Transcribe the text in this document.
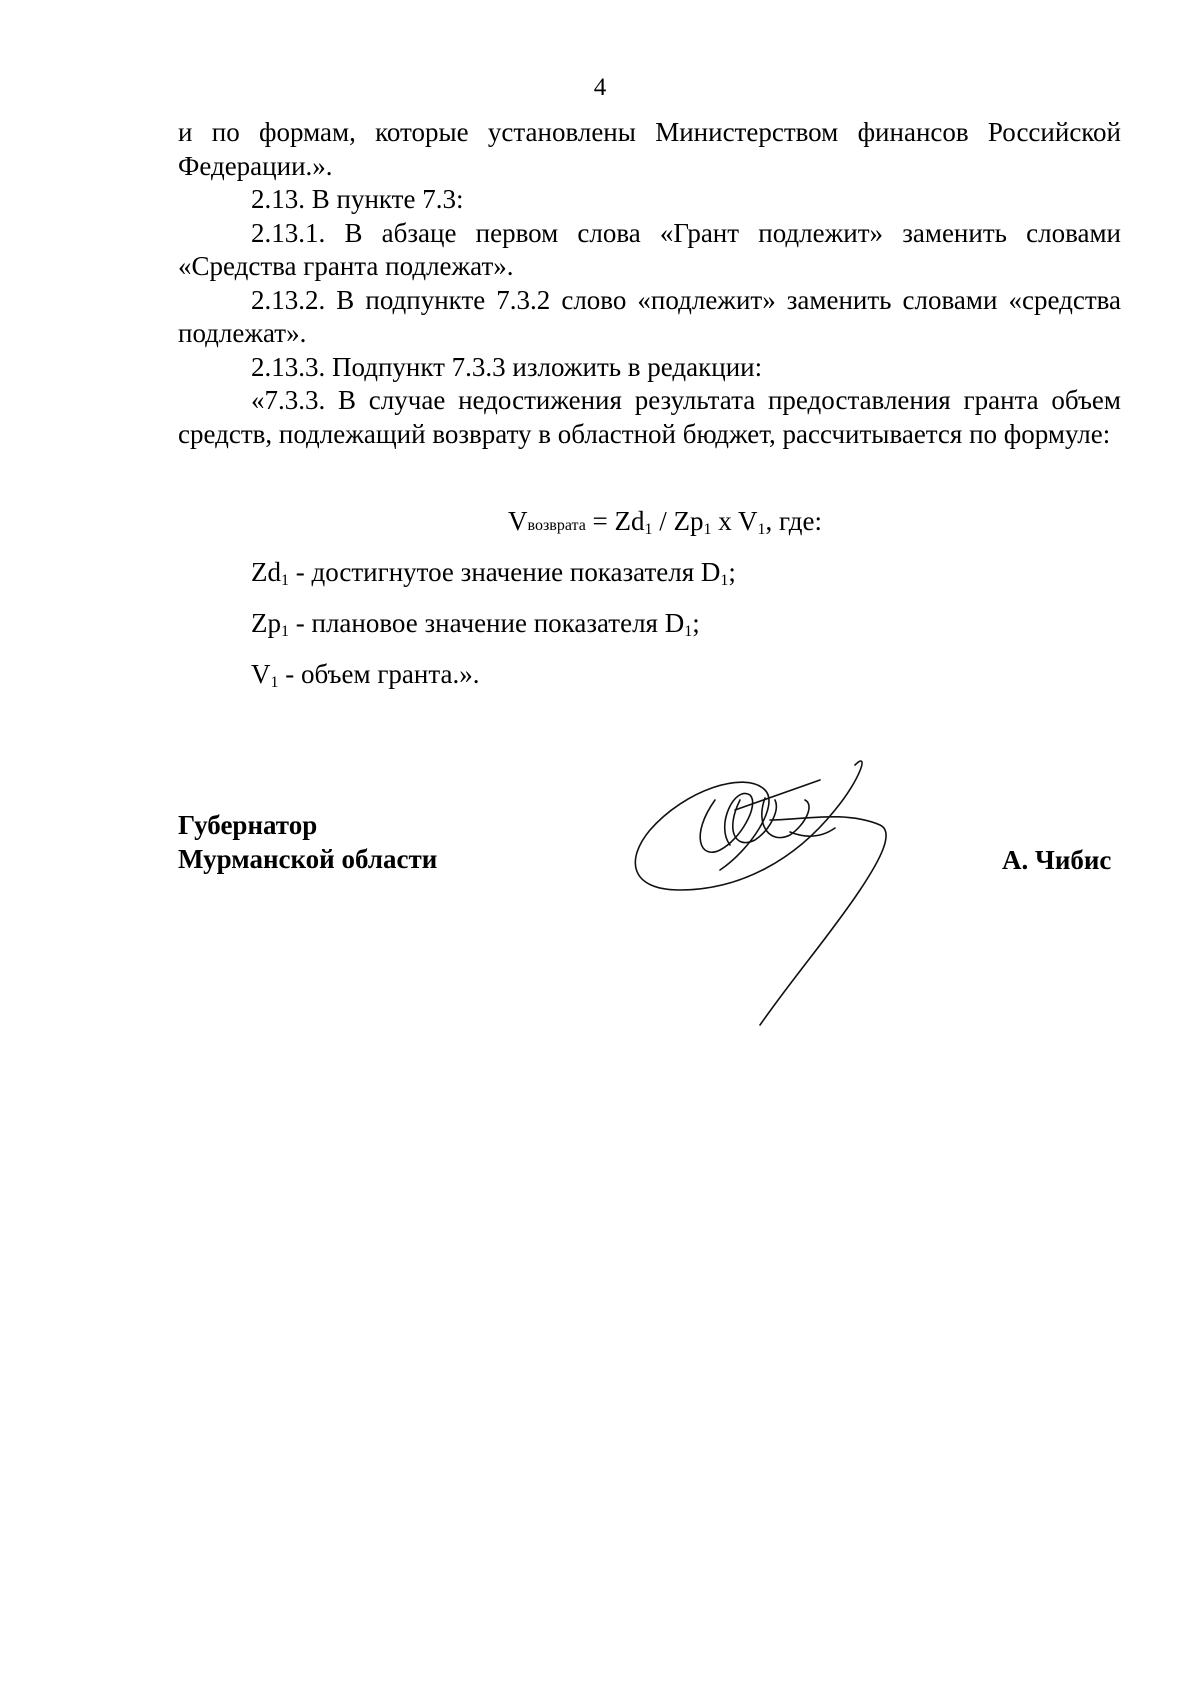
4

и по формам, которые установлены Министерством финансов Российской Федерации.».

2.13. В пункте 7.3:

2.13.1. В абзаце первом слова «Грант подлежит» заменить словами «Средства гранта подлежат».

2.13.2. В подпункте 7.3.2 слово «подлежит» заменить словами «средства подлежат».

2.13.3. Подпункт 7.3.3 изложить в редакции:

«7.3.3. В случае недостижения результата предоставления гранта объем средств, подлежащий возврату в областной бюджет, рассчитывается по формуле:

Vвозврата = $Zd_1 / Zp_1$ x $V_1$, где:
$Zd_1$ - достигнутое значение показателя $D_1$;
$Zp_1$ - плановое значение показателя $D_1$;
$V_1$ - объем гранта.».
Губернатор
Мурманской области	А. Чибис
